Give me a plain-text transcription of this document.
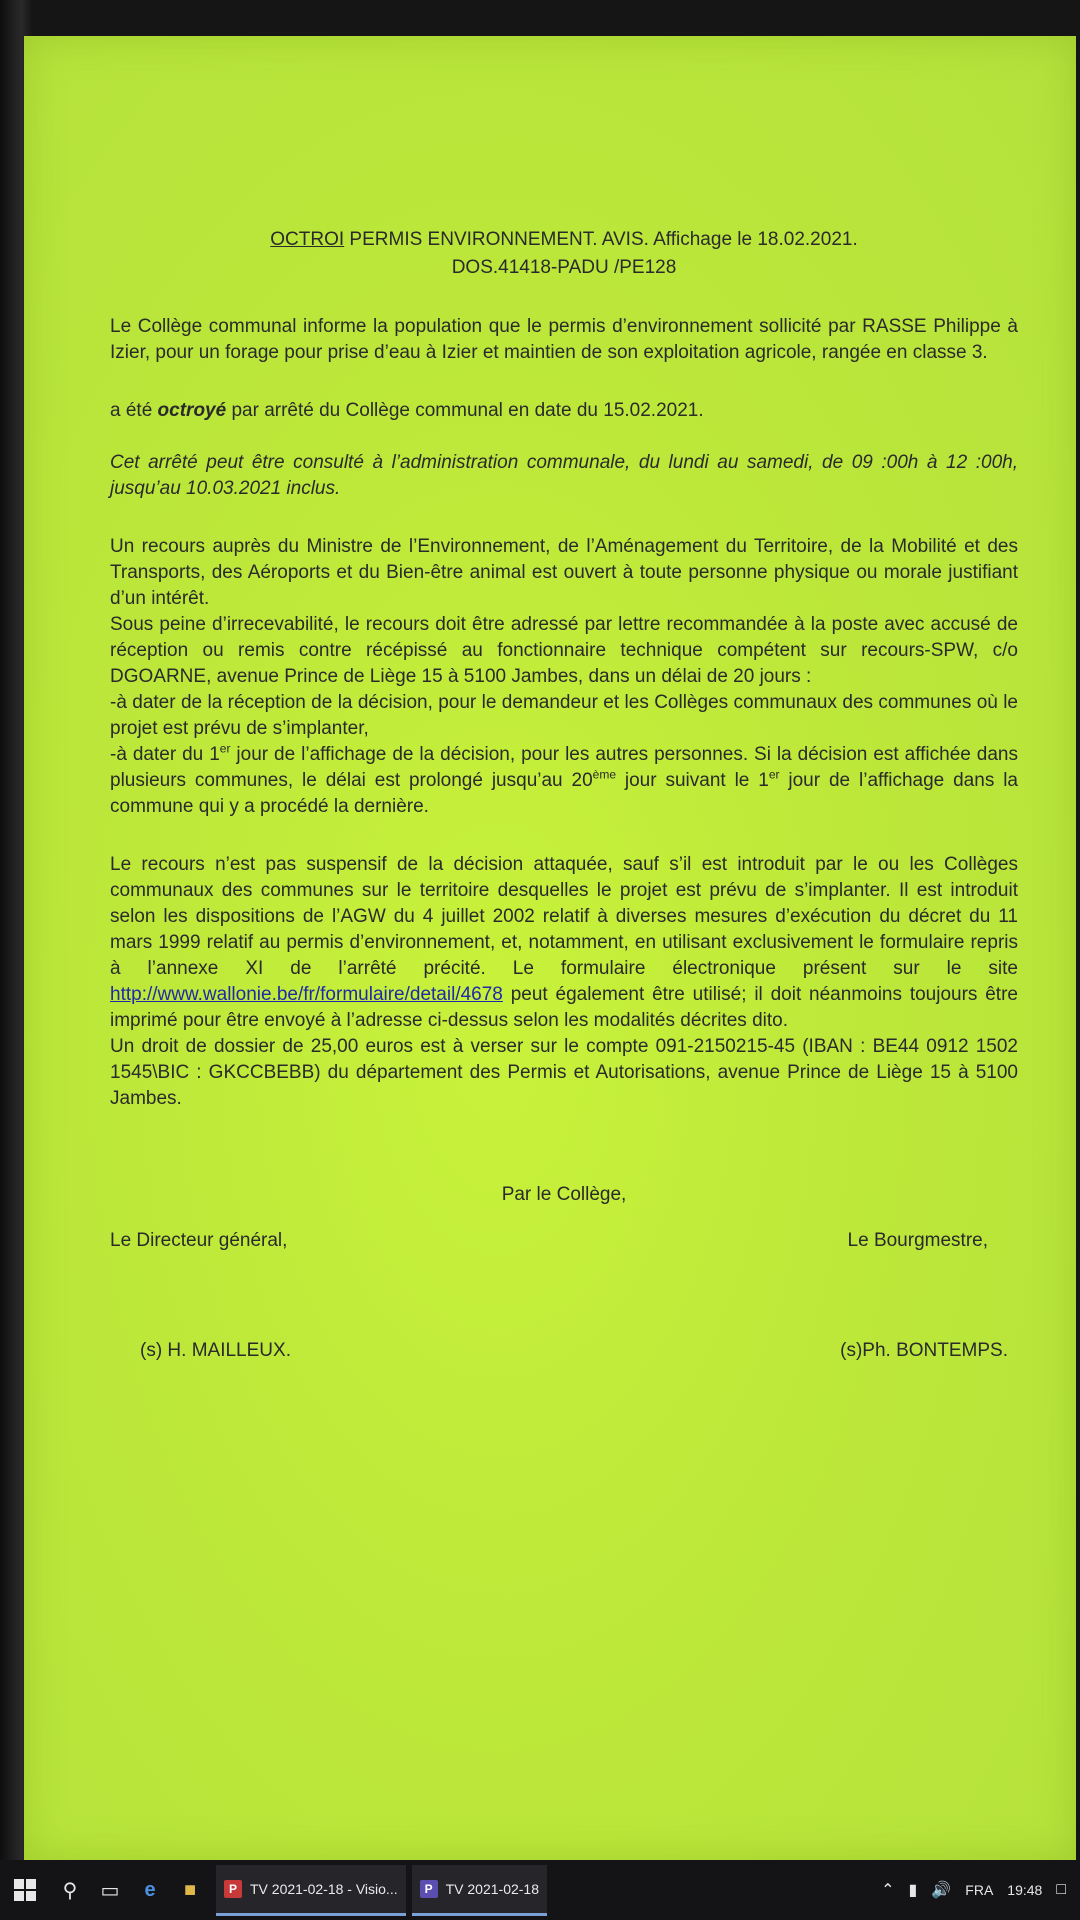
OCTROI PERMIS ENVIRONNEMENT. AVIS. Affichage le 18.02.2021.
DOS.41418-PADU /PE128

Le Collège communal informe la population que le permis d’environnement sollicité par RASSE Philippe à Izier, pour un forage pour prise d’eau à Izier et maintien de son exploitation agricole, rangée en classe 3.

a été octroyé par arrêté du Collège communal en date du 15.02.2021.

Cet arrêté peut être consulté à l’administration communale, du lundi au samedi, de 09 :00h à 12 :00h, jusqu’au 10.03.2021 inclus.

Un recours auprès du Ministre de l’Environnement, de l’Aménagement du Territoire, de la Mobilité et des Transports, des Aéroports et du Bien-être animal est ouvert à toute personne physique ou morale justifiant d’un intérêt.

Sous peine d’irrecevabilité, le recours doit être adressé par lettre recommandée à la poste avec accusé de réception ou remis contre récépissé au fonctionnaire technique compétent sur recours-SPW, c/o DGOARNE, avenue Prince de Liège 15 à 5100 Jambes, dans un délai de 20 jours :

-à dater de la réception de la décision, pour le demandeur et les Collèges communaux des communes où le projet est prévu de s’implanter,

-à dater du 1er jour de l’affichage de la décision, pour les autres personnes. Si la décision est affichée dans plusieurs communes, le délai est prolongé jusqu’au 20ème jour suivant le 1er jour de l’affichage dans la commune qui y a procédé la dernière.

Le recours n’est pas suspensif de la décision attaquée, sauf s’il est introduit par le ou les Collèges communaux des communes sur le territoire desquelles le projet est prévu de s’implanter. Il est introduit selon les dispositions de l’AGW du 4 juillet 2002 relatif à diverses mesures d’exécution du décret du 11 mars 1999 relatif au permis d’environnement, et, notamment, en utilisant exclusivement le formulaire repris à l’annexe XI de l’arrêté précité. Le formulaire électronique présent sur le site http://www.wallonie.be/fr/formulaire/detail/4678 peut également être utilisé; il doit néanmoins toujours être imprimé pour être envoyé à l’adresse ci-dessus selon les modalités décrites dito.

Un droit de dossier de 25,00 euros est à verser sur le compte 091-2150215-45 (IBAN : BE44 0912 1502 1545\BIC : GKCCBEBB) du département des Permis et Autorisations, avenue Prince de Liège 15 à 5100 Jambes.

Par le Collège,
Le Directeur général,	Le Bourgmestre,
(s) H. MAILLEUX.	(s)Ph. BONTEMPS.
⚲	▭	e	■	P TV 2021-02-18 - Visio...	P TV 2021-02-18	⌃ ▮ 🔊 FRA 19:48 □
